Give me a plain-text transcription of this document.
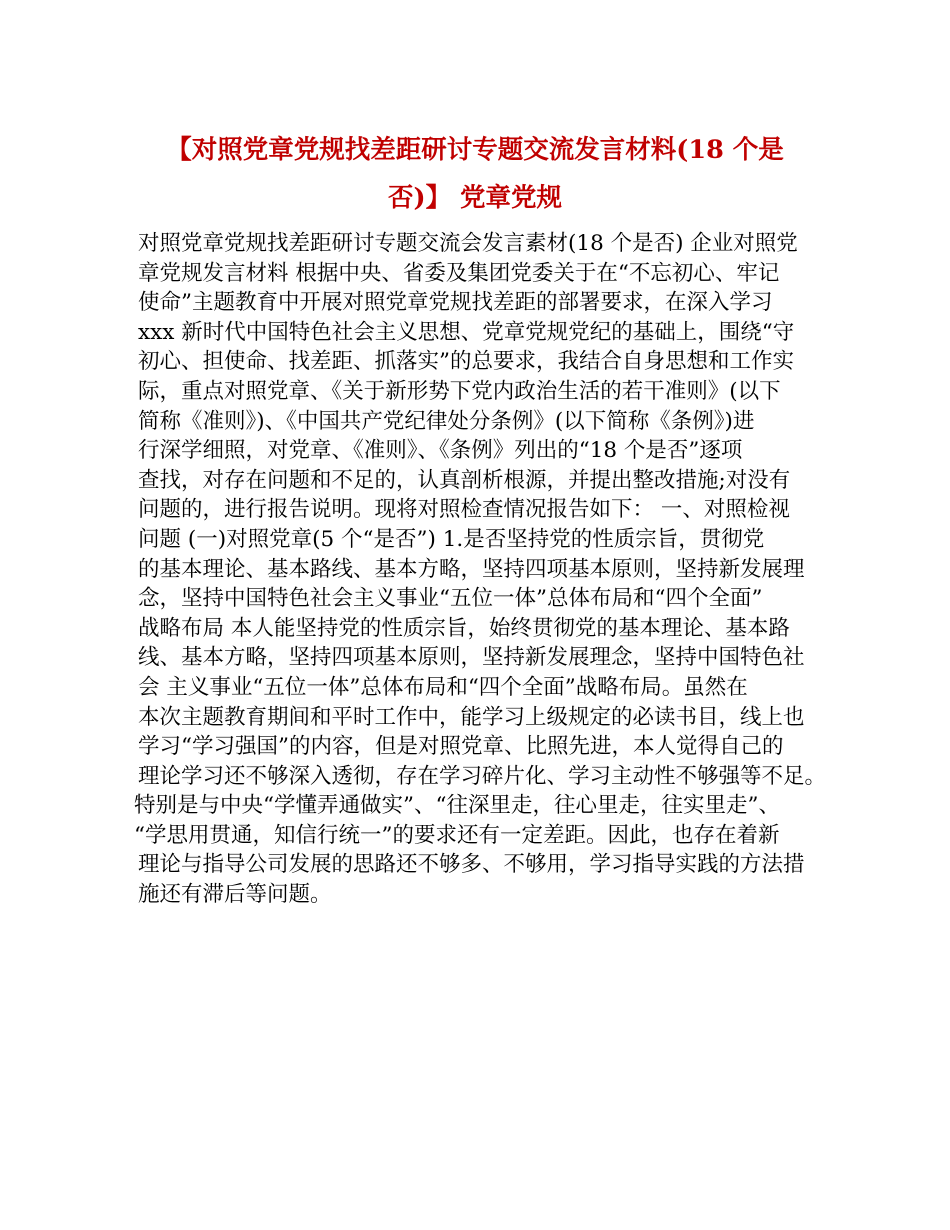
【对照党章党规找差距研讨专题交流发言材料(18 个是
否)】 党章党规
对照党章党规找差距研讨专题交流会发言素材(18 个是否) 企业对照党
章党规发言材料 根据中央、省委及集团党委关于在“不忘初心、牢记
使命”主题教育中开展对照党章党规找差距的部署要求，在深入学习
xxx 新时代中国特色社会主义思想、党章党规党纪的基础上，围绕“守
初心、担使命、找差距、抓落实”的总要求，我结合自身思想和工作实
际，重点对照党章、《关于新形势下党内政治生活的若干准则》(以下
简称《准则》)、《中国共产党纪律处分条例》(以下简称《条例》)进
行深学细照，对党章、《准则》、《条例》列出的“18 个是否”逐项
查找，对存在问题和不足的，认真剖析根源，并提出整改措施;对没有
问题的，进行报告说明。现将对照检查情况报告如下： 一、对照检视
问题 (一)对照党章(5 个“是否”) 1.是否坚持党的性质宗旨，贯彻党
的基本理论、基本路线、基本方略，坚持四项基本原则，坚持新发展理
念，坚持中国特色社会主义事业“五位一体”总体布局和“四个全面”
战略布局 本人能坚持党的性质宗旨，始终贯彻党的基本理论、基本路
线、基本方略，坚持四项基本原则，坚持新发展理念，坚持中国特色社
会 主义事业“五位一体”总体布局和“四个全面”战略布局。虽然在
本次主题教育期间和平时工作中，能学习上级规定的必读书目，线上也
学习“学习强国”的内容，但是对照党章、比照先进，本人觉得自己的
理论学习还不够深入透彻，存在学习碎片化、学习主动性不够强等不足。
特别是与中央“学懂弄通做实”、“往深里走，往心里走，往实里走”、
“学思用贯通，知信行统一”的要求还有一定差距。因此，也存在着新
理论与指导公司发展的思路还不够多、不够用，学习指导实践的方法措
施还有滞后等问题。
